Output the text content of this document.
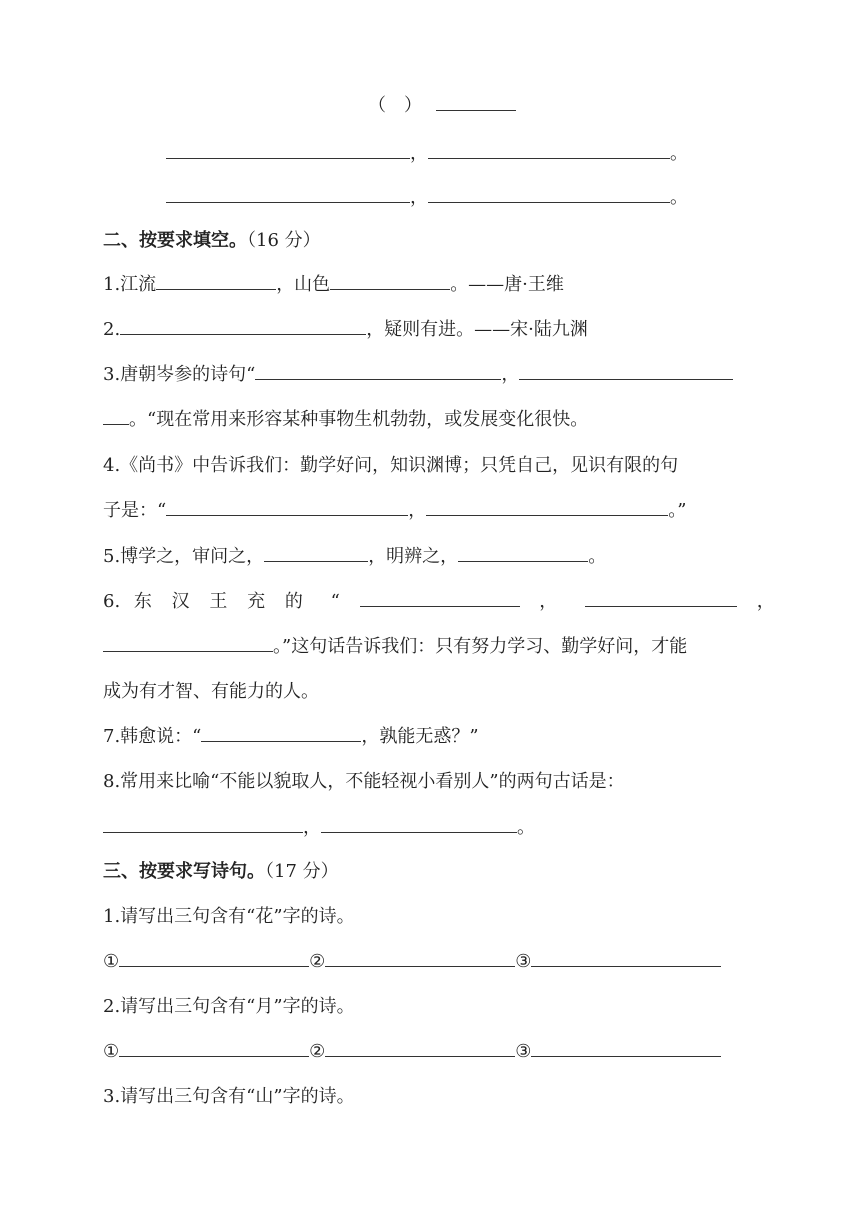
（　）
，	。
，	。
二、按要求填空。（16 分）
1.江流	，山色	。——唐·王维
2.	，疑则有进。——宋·陆九渊
3.唐朝岑参的诗句“	，
。“现在常用来形容某种事物生机勃勃，或发展变化很快。
4.《尚书》中告诉我们：勤学好问，知识渊博；只凭自己，见识有限的句
子是：“	，	。”
5.博学之，审问之，	，明辨之，	。
6. 东 汉 王 充 的 “	，	，
。”这句话告诉我们：只有努力学习、勤学好问，才能
成为有才智、有能力的人。
7.韩愈说：“	，孰能无惑？”
8.常用来比喻“不能以貌取人，不能轻视小看别人”的两句古话是：
，	。
三、按要求写诗句。（17 分）
1.请写出三句含有“花”字的诗。
①	②	③
2.请写出三句含有“月”字的诗。
①	②	③
3.请写出三句含有“山”字的诗。
